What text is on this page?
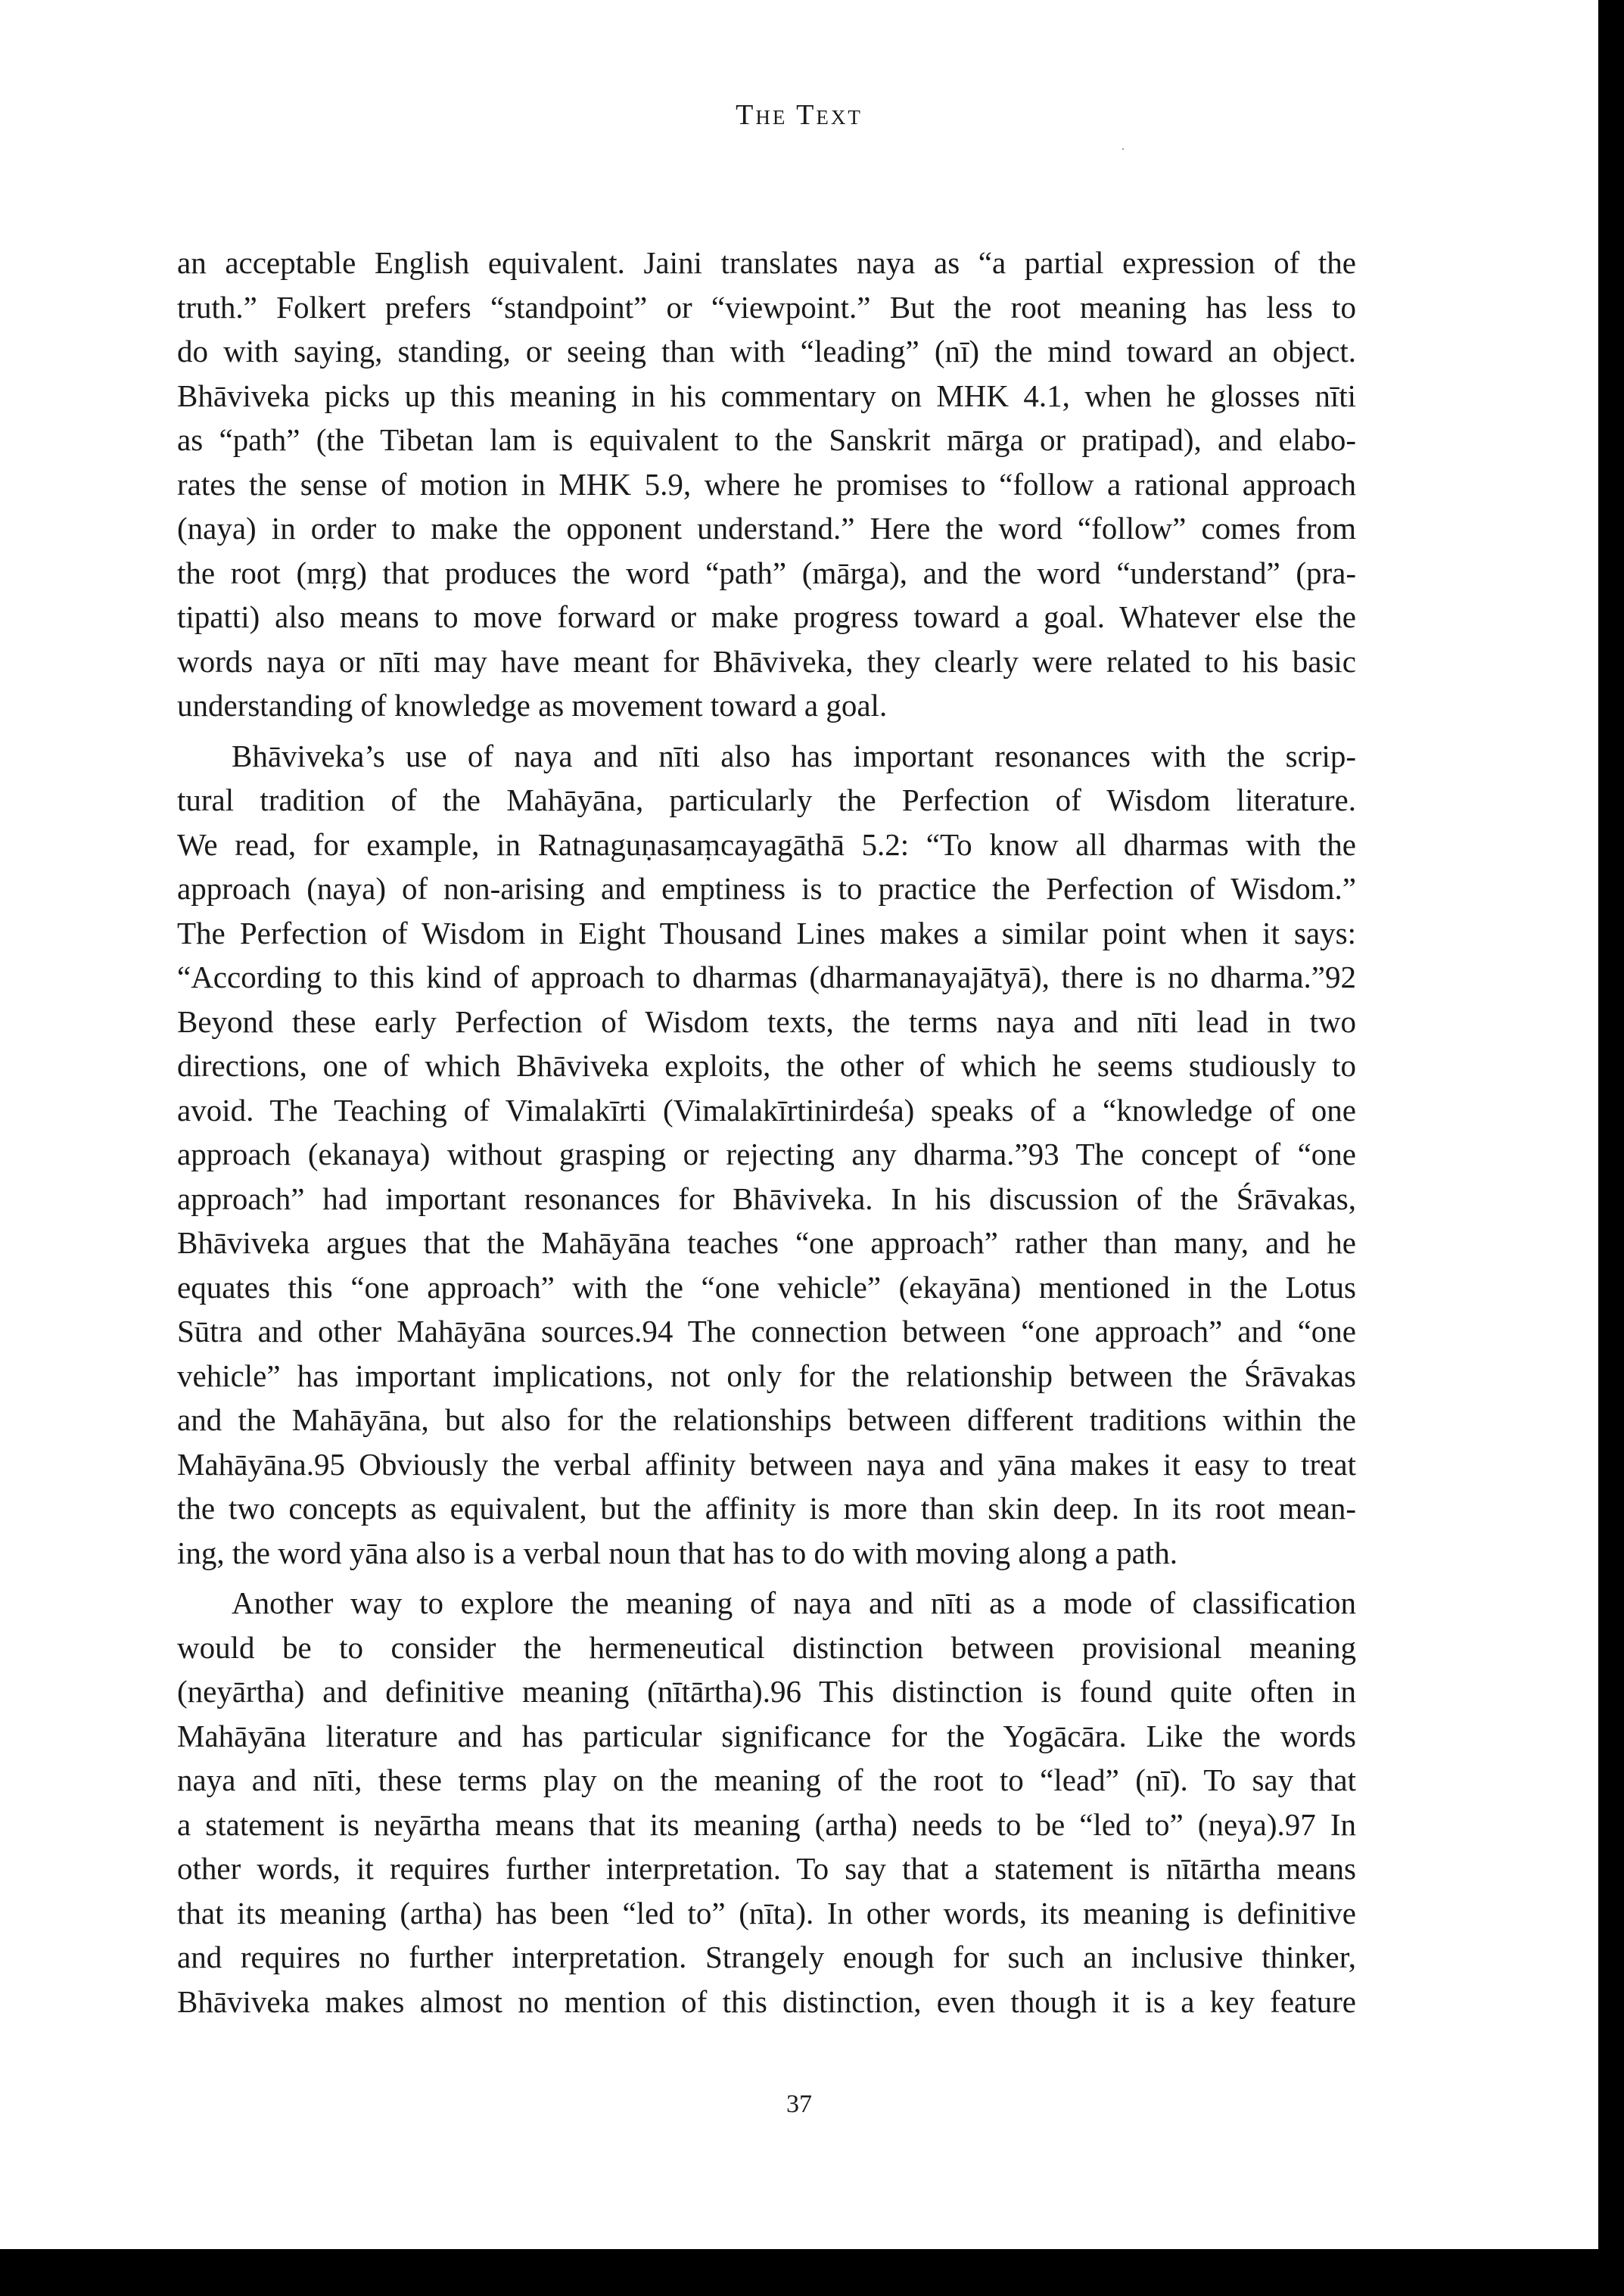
The Text
an acceptable English equivalent. Jaini translates naya as “a partial expression of the
truth.” Folkert prefers “standpoint” or “viewpoint.” But the root meaning has less to
do with saying, standing, or seeing than with “leading” (nī) the mind toward an object.
Bhāviveka picks up this meaning in his commentary on MHK 4.1, when he glosses nīti
as “path” (the Tibetan lam is equivalent to the Sanskrit mārga or pratipad), and elabo-
rates the sense of motion in MHK 5.9, where he promises to “follow a rational approach
(naya) in order to make the opponent understand.” Here the word “follow” comes from
the root (mṛg) that produces the word “path” (mārga), and the word “understand” (pra-
tipatti) also means to move forward or make progress toward a goal. Whatever else the
words naya or nīti may have meant for Bhāviveka, they clearly were related to his basic
understanding of knowledge as movement toward a goal.
Bhāviveka’s use of naya and nīti also has important resonances with the scrip-
tural tradition of the Mahāyāna, particularly the Perfection of Wisdom literature.
We read, for example, in Ratnaguṇasaṃcayagāthā 5.2: “To know all dharmas with the
approach (naya) of non-arising and emptiness is to practice the Perfection of Wisdom.”
The Perfection of Wisdom in Eight Thousand Lines makes a similar point when it says:
“According to this kind of approach to dharmas (dharmanayajātyā), there is no dharma.”92
Beyond these early Perfection of Wisdom texts, the terms naya and nīti lead in two
directions, one of which Bhāviveka exploits, the other of which he seems studiously to
avoid. The Teaching of Vimalakīrti (Vimalakīrtinirdeśa) speaks of a “knowledge of one
approach (ekanaya) without grasping or rejecting any dharma.”93 The concept of “one
approach” had important resonances for Bhāviveka. In his discussion of the Śrāvakas,
Bhāviveka argues that the Mahāyāna teaches “one approach” rather than many, and he
equates this “one approach” with the “one vehicle” (ekayāna) mentioned in the Lotus
Sūtra and other Mahāyāna sources.94 The connection between “one approach” and “one
vehicle” has important implications, not only for the relationship between the Śrāvakas
and the Mahāyāna, but also for the relationships between different traditions within the
Mahāyāna.95 Obviously the verbal affinity between naya and yāna makes it easy to treat
the two concepts as equivalent, but the affinity is more than skin deep. In its root mean-
ing, the word yāna also is a verbal noun that has to do with moving along a path.
Another way to explore the meaning of naya and nīti as a mode of classification
would be to consider the hermeneutical distinction between provisional meaning
(neyārtha) and definitive meaning (nītārtha).96 This distinction is found quite often in
Mahāyāna literature and has particular significance for the Yogācāra. Like the words
naya and nīti, these terms play on the meaning of the root to “lead” (nī). To say that
a statement is neyārtha means that its meaning (artha) needs to be “led to” (neya).97 In
other words, it requires further interpretation. To say that a statement is nītārtha means
that its meaning (artha) has been “led to” (nīta). In other words, its meaning is definitive
and requires no further interpretation. Strangely enough for such an inclusive thinker,
Bhāviveka makes almost no mention of this distinction, even though it is a key feature
37
